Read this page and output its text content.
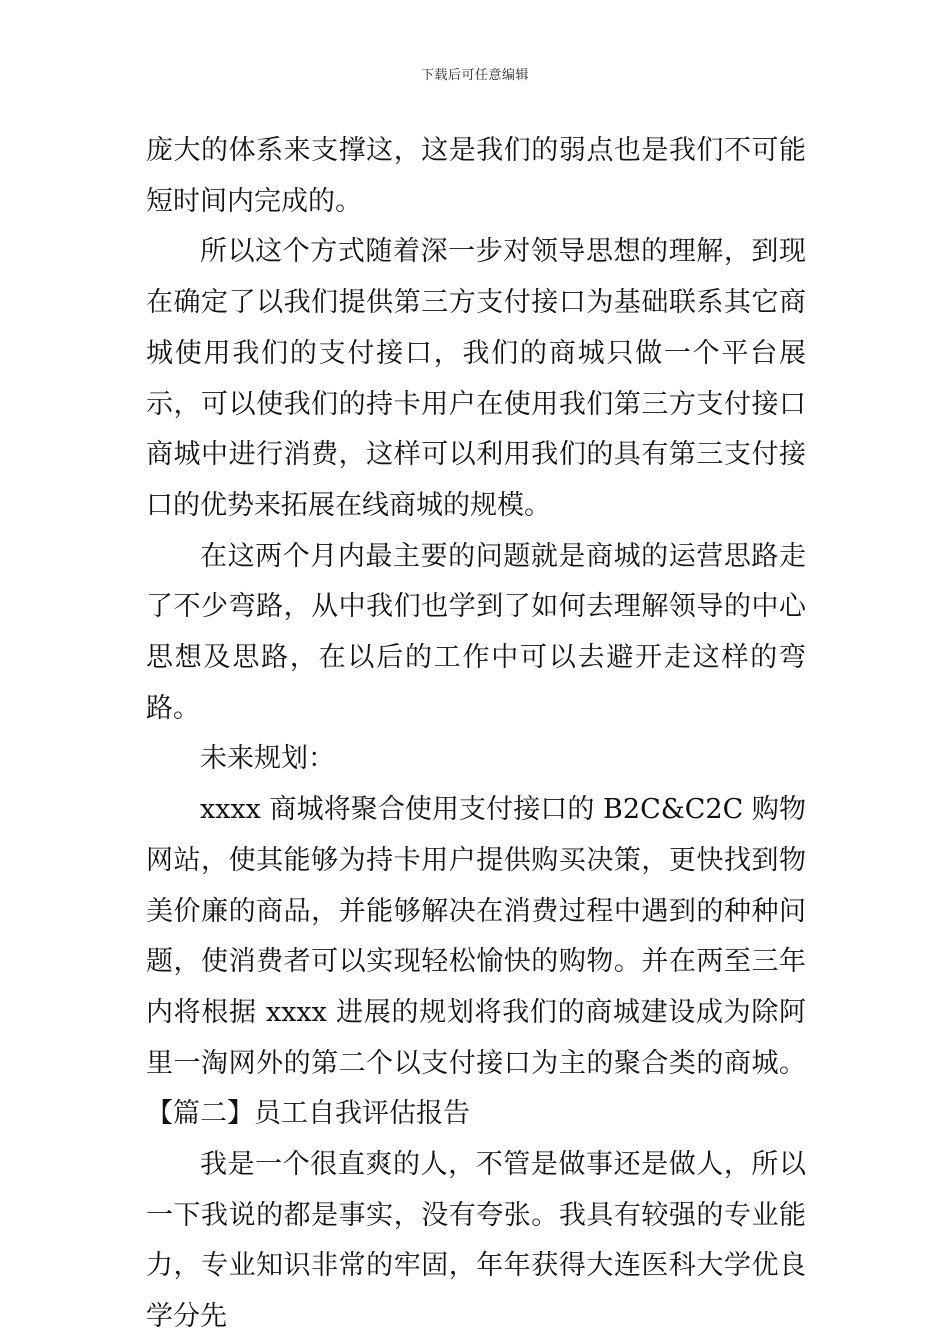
下载后可任意编辑

庞大的体系来支撑这，这是我们的弱点也是我们不可能短时间内完成的。

所以这个方式随着深一步对领导思想的理解，到现在确定了以我们提供第三方支付接口为基础联系其它商城使用我们的支付接口，我们的商城只做一个平台展示，可以使我们的持卡用户在使用我们第三方支付接口商城中进行消费，这样可以利用我们的具有第三支付接口的优势来拓展在线商城的规模。

在这两个月内最主要的问题就是商城的运营思路走了不少弯路，从中我们也学到了如何去理解领导的中心思想及思路，在以后的工作中可以去避开走这样的弯路。

未来规划：

xxxx 商城将聚合使用支付接口的 B2C&C2C 购物网站，使其能够为持卡用户提供购买决策，更快找到物美价廉的商品，并能够解决在消费过程中遇到的种种问题，使消费者可以实现轻松愉快的购物。并在两至三年内将根据 xxxx 进展的规划将我们的商城建设成为除阿里一淘网外的第二个以支付接口为主的聚合类的商城。 【篇二】员工自我评估报告

我是一个很直爽的人，不管是做事还是做人，所以一下我说的都是事实，没有夸张。我具有较强的专业能力，专业知识非常的牢固，年年获得大连医科大学优良学分先
